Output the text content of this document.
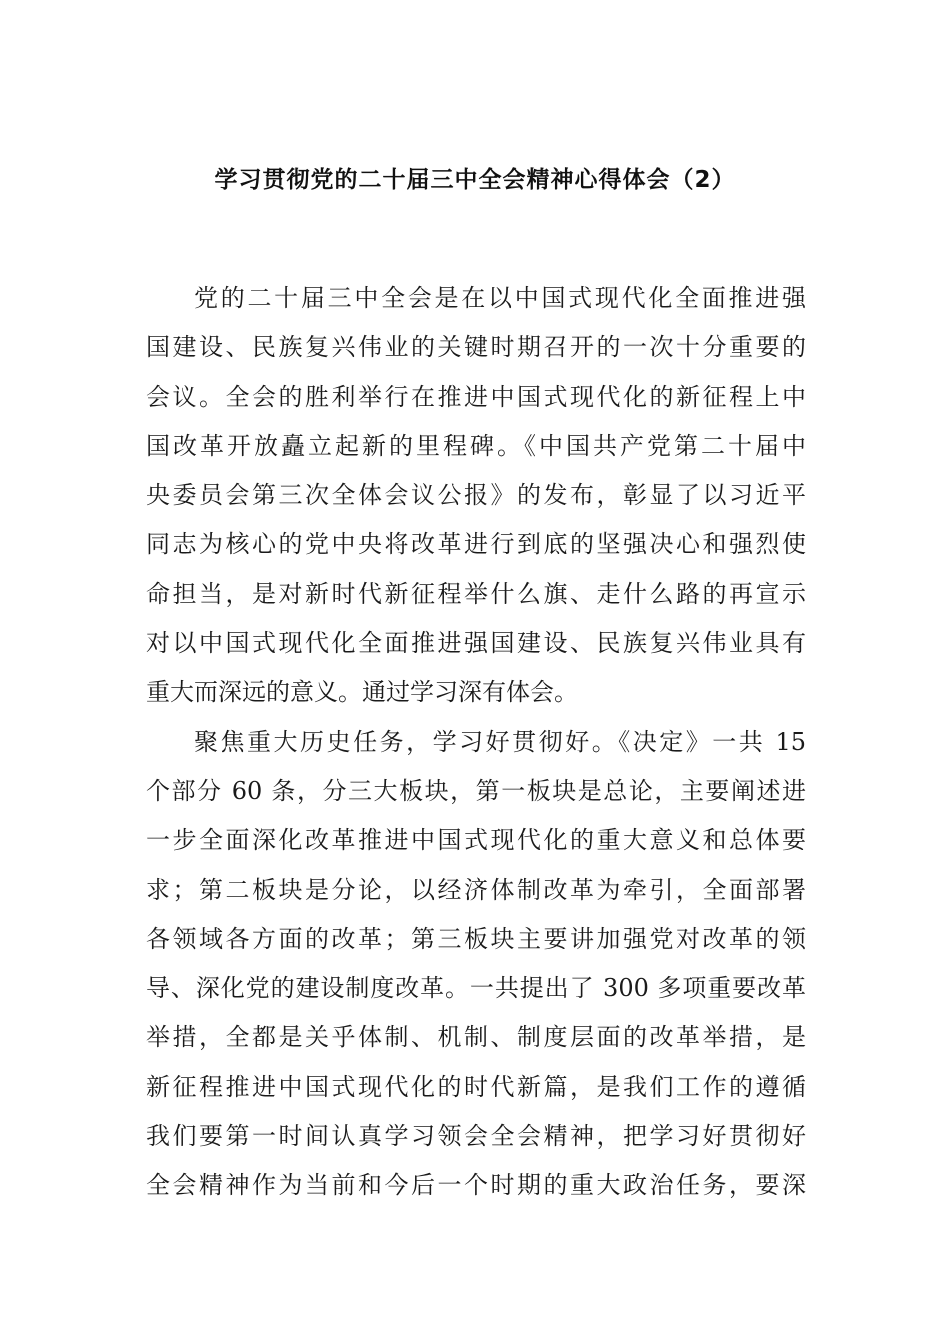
学习贯彻党的二十届三中全会精神心得体会（2）
党的二十届三中全会是在以中国式现代化全面推进强
国建设、民族复兴伟业的关键时期召开的一次十分重要的
会议。全会的胜利举行在推进中国式现代化的新征程上中
国改革开放矗立起新的里程碑。《中国共产党第二十届中
央委员会第三次全体会议公报》的发布，彰显了以习近平
同志为核心的党中央将改革进行到底的坚强决心和强烈使
命担当，是对新时代新征程举什么旗、走什么路的再宣示
对以中国式现代化全面推进强国建设、民族复兴伟业具有
重大而深远的意义。通过学习深有体会。
聚焦重大历史任务，学习好贯彻好。《决定》一共 15
个部分 60 条，分三大板块，第一板块是总论，主要阐述进
一步全面深化改革推进中国式现代化的重大意义和总体要
求；第二板块是分论，以经济体制改革为牵引，全面部署
各领域各方面的改革；第三板块主要讲加强党对改革的领
导、深化党的建设制度改革。一共提出了 300 多项重要改革
举措，全都是关乎体制、机制、制度层面的改革举措，是
新征程推进中国式现代化的时代新篇，是我们工作的遵循
我们要第一时间认真学习领会全会精神，把学习好贯彻好
全会精神作为当前和今后一个时期的重大政治任务，要深
